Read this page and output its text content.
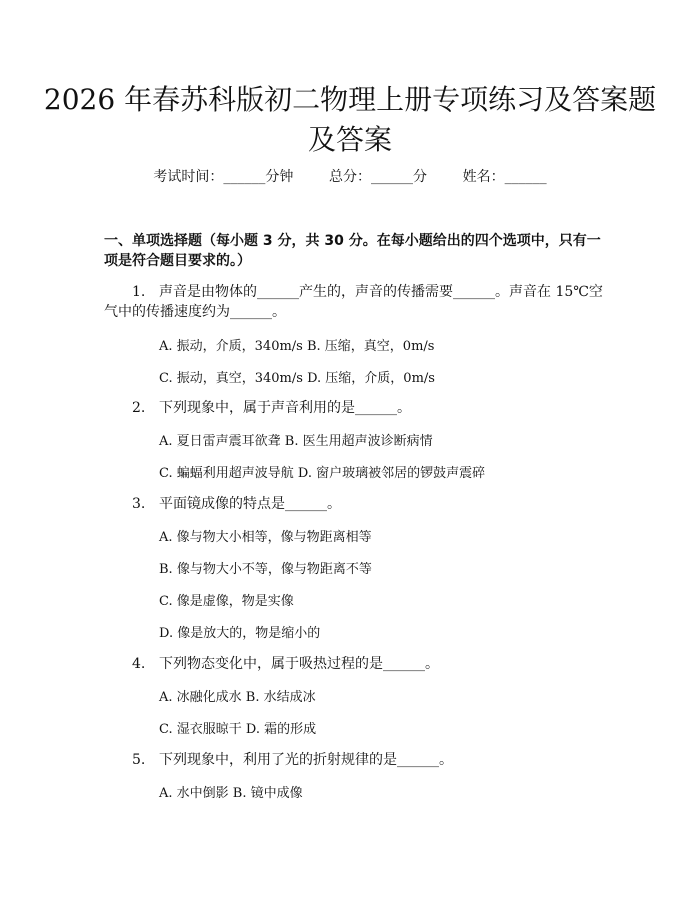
2026 年春苏科版初二物理上册专项练习及答案题及答案
考试时间：______分钟	总分：______分	姓名：______
一、单项选择题（每小题 3 分，共 30 分。在每小题给出的四个选项中，只有一项是符合题目要求的。）
1. 声音是由物体的______产生的，声音的传播需要______。声音在 15℃空气中的传播速度约为______。
A. 振动，介质，340m/s B. 压缩，真空，0m/s
C. 振动，真空，340m/s D. 压缩，介质，0m/s
2. 下列现象中，属于声音利用的是______。
A. 夏日雷声震耳欲聋 B. 医生用超声波诊断病情
C. 蝙蝠利用超声波导航 D. 窗户玻璃被邻居的锣鼓声震碎
3. 平面镜成像的特点是______。
A. 像与物大小相等，像与物距离相等
B. 像与物大小不等，像与物距离不等
C. 像是虚像，物是实像
D. 像是放大的，物是缩小的
4. 下列物态变化中，属于吸热过程的是______。
A. 冰融化成水 B. 水结成冰
C. 湿衣服晾干 D. 霜的形成
5. 下列现象中，利用了光的折射规律的是______。
A. 水中倒影 B. 镜中成像
